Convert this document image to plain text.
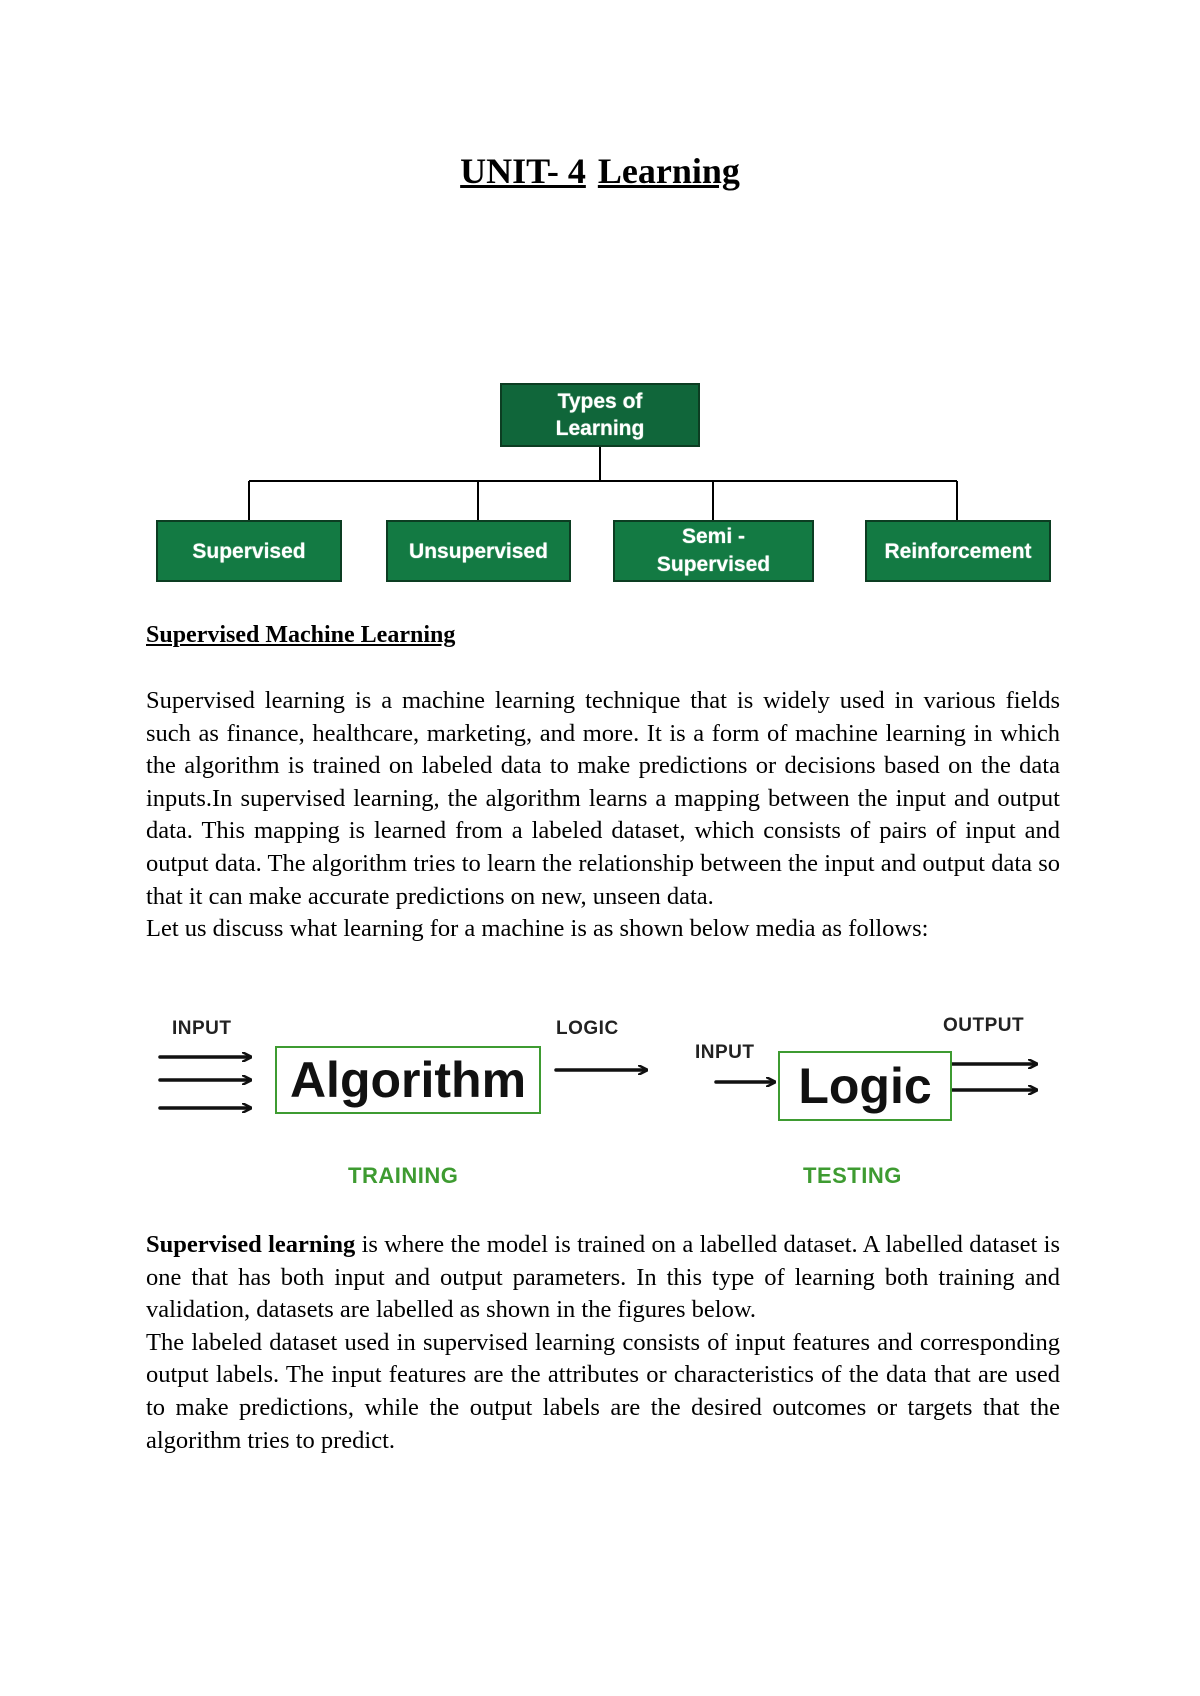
UNIT- 4 Learning
Types of
Learning
Supervised	Unsupervised
Semi -
Supervised
Reinforcement
Supervised Machine Learning

Supervised learning is a machine learning technique that is widely used in various fields such as finance, healthcare, marketing, and more. It is a form of machine learning in which the algorithm is trained on labeled data to make predictions or decisions based on the data inputs.In supervised learning, the algorithm learns a mapping between the input and output data. This mapping is learned from a labeled dataset, which consists of pairs of input and output data. The algorithm tries to learn the relationship between the input and output data so that it can make accurate predictions on new, unseen data.
Let us discuss what learning for a machine is as shown below media as follows:

INPUT
Algorithm
LOGIC
TRAINING
INPUT
Logic
OUTPUT
TESTING

Supervised learning is where the model is trained on a labelled dataset. A labelled dataset is one that has both input and output parameters. In this type of learning both training and validation, datasets are labelled as shown in the figures below.
The labeled dataset used in supervised learning consists of input features and corresponding output labels. The input features are the attributes or characteristics of the data that are used to make predictions, while the output labels are the desired outcomes or targets that the algorithm tries to predict.
